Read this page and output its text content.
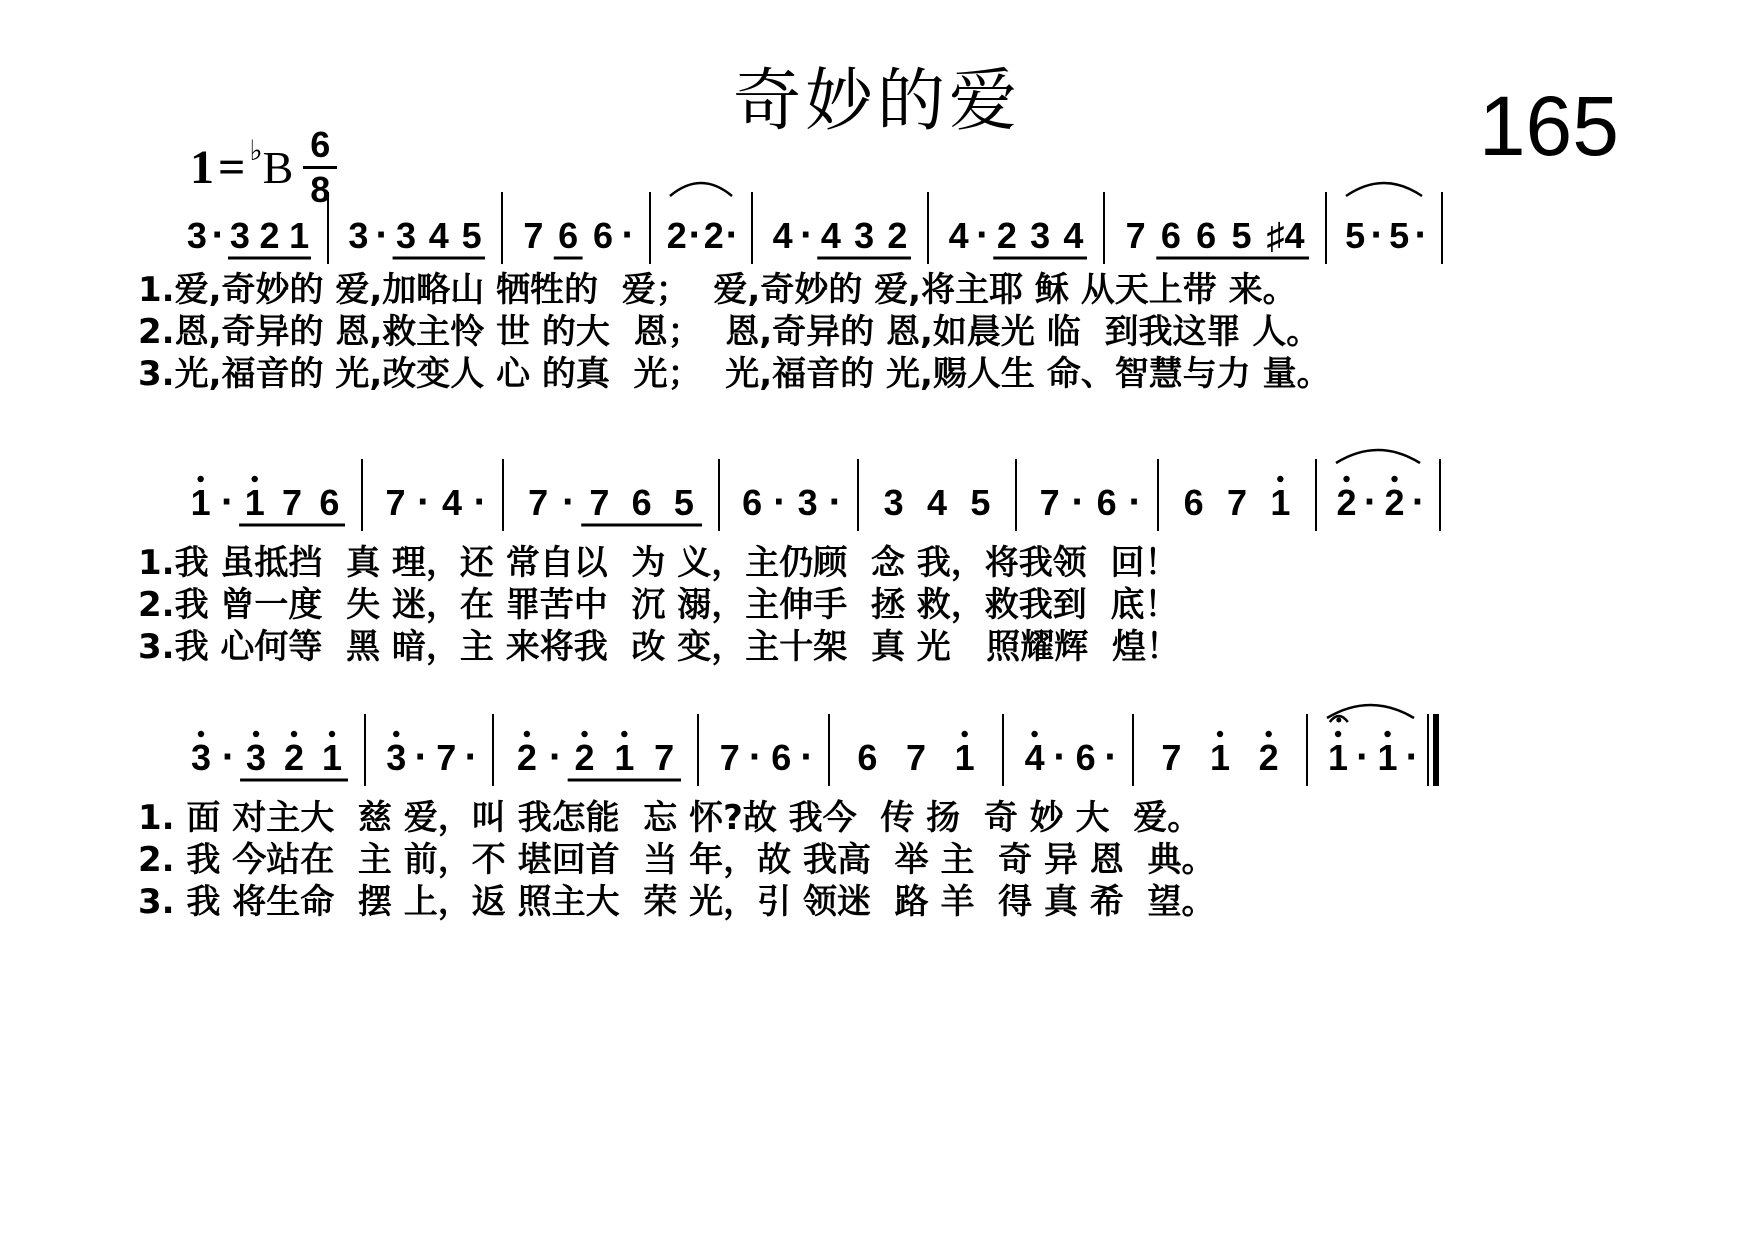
奇妙的爱	165
1 = ♭ B 6
8
3 · 3 2 1 3 · 3 4 5 7 6 6 · 2 · 2 · 4 · 4 3 2 4 · 2 3 4 7 6 6 5 ♯4 5 · 5 ·
1.爱,奇妙的 爱,加略山 牺牲的  爱；  爱,奇妙的 爱,将主耶 稣 从天上带 来。
2.恩,奇异的 恩,救主怜 世 的大  恩；  恩,奇异的 恩,如晨光 临  到我这罪 人。
3.光,福音的 光,改变人 心 的真  光；  光,福音的 光,赐人生 命、智慧与力 量。
1 · 1 7 6 7 · 4 · 7 · 7 6 5 6 · 3 · 3 4 5 7 · 6 · 6 7 1 2 · 2 ·
1.我 虽抵挡  真 理，还 常自以  为 义，主仍顾  念 我，将我领  回！
2.我 曾一度  失 迷，在 罪苦中  沉 溺，主伸手  拯 救，救我到  底！
3.我 心何等  黑 暗，主 来将我  改 变，主十架  真 光   照耀辉  煌！
3 · 3 2 1 3 · 7 · 2 · 2 1 7 7 · 6 · 6 7 1 4 · 6 · 7 1 2 1 · 1 ·
1. 面 对主大  慈 爱，叫 我怎能  忘 怀?故 我今  传 扬  奇 妙 大  爱。
2. 我 今站在  主 前，不 堪回首  当 年，故 我高  举 主  奇 异 恩  典。
3. 我 将生命  摆 上，返 照主大  荣 光，引 领迷  路 羊  得 真 希  望。
